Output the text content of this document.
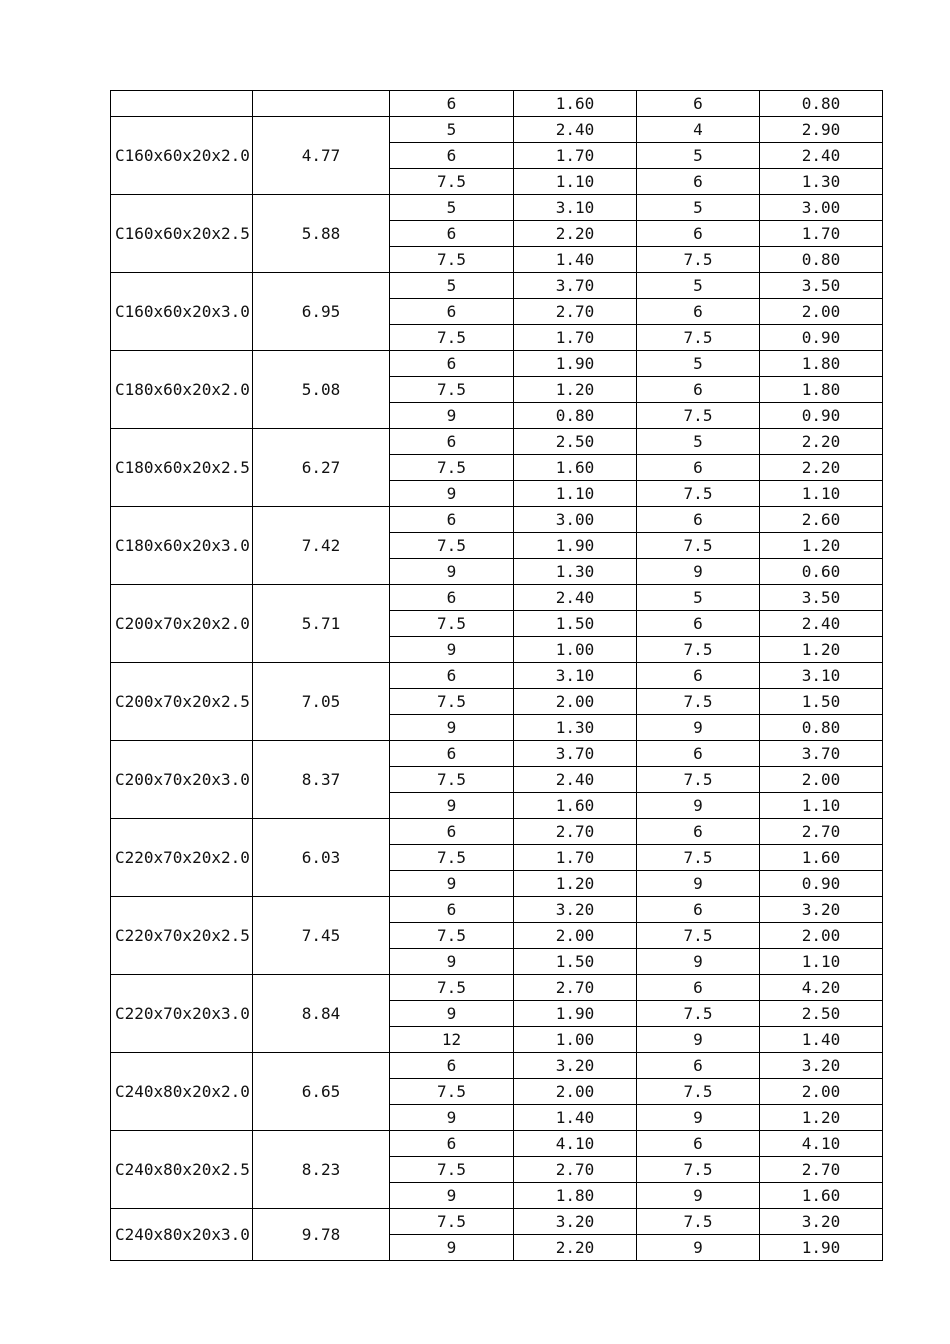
		6	1.60	6	0.80
C160x60x20x2.0	4.77	5	2.40	4	2.90
		6	1.70	5	2.40
		7.5	1.10	6	1.30
C160x60x20x2.5	5.88	5	3.10	5	3.00
		6	2.20	6	1.70
		7.5	1.40	7.5	0.80
C160x60x20x3.0	6.95	5	3.70	5	3.50
		6	2.70	6	2.00
		7.5	1.70	7.5	0.90
C180x60x20x2.0	5.08	6	1.90	5	1.80
		7.5	1.20	6	1.80
		9	0.80	7.5	0.90
C180x60x20x2.5	6.27	6	2.50	5	2.20
		7.5	1.60	6	2.20
		9	1.10	7.5	1.10
C180x60x20x3.0	7.42	6	3.00	6	2.60
		7.5	1.90	7.5	1.20
		9	1.30	9	0.60
C200x70x20x2.0	5.71	6	2.40	5	3.50
		7.5	1.50	6	2.40
		9	1.00	7.5	1.20
C200x70x20x2.5	7.05	6	3.10	6	3.10
		7.5	2.00	7.5	1.50
		9	1.30	9	0.80
C200x70x20x3.0	8.37	6	3.70	6	3.70
		7.5	2.40	7.5	2.00
		9	1.60	9	1.10
C220x70x20x2.0	6.03	6	2.70	6	2.70
		7.5	1.70	7.5	1.60
		9	1.20	9	0.90
C220x70x20x2.5	7.45	6	3.20	6	3.20
		7.5	2.00	7.5	2.00
		9	1.50	9	1.10
C220x70x20x3.0	8.84	7.5	2.70	6	4.20
		9	1.90	7.5	2.50
		12	1.00	9	1.40
C240x80x20x2.0	6.65	6	3.20	6	3.20
		7.5	2.00	7.5	2.00
		9	1.40	9	1.20
C240x80x20x2.5	8.23	6	4.10	6	4.10
		7.5	2.70	7.5	2.70
		9	1.80	9	1.60
C240x80x20x3.0	9.78	7.5	3.20	7.5	3.20
		9	2.20	9	1.90
